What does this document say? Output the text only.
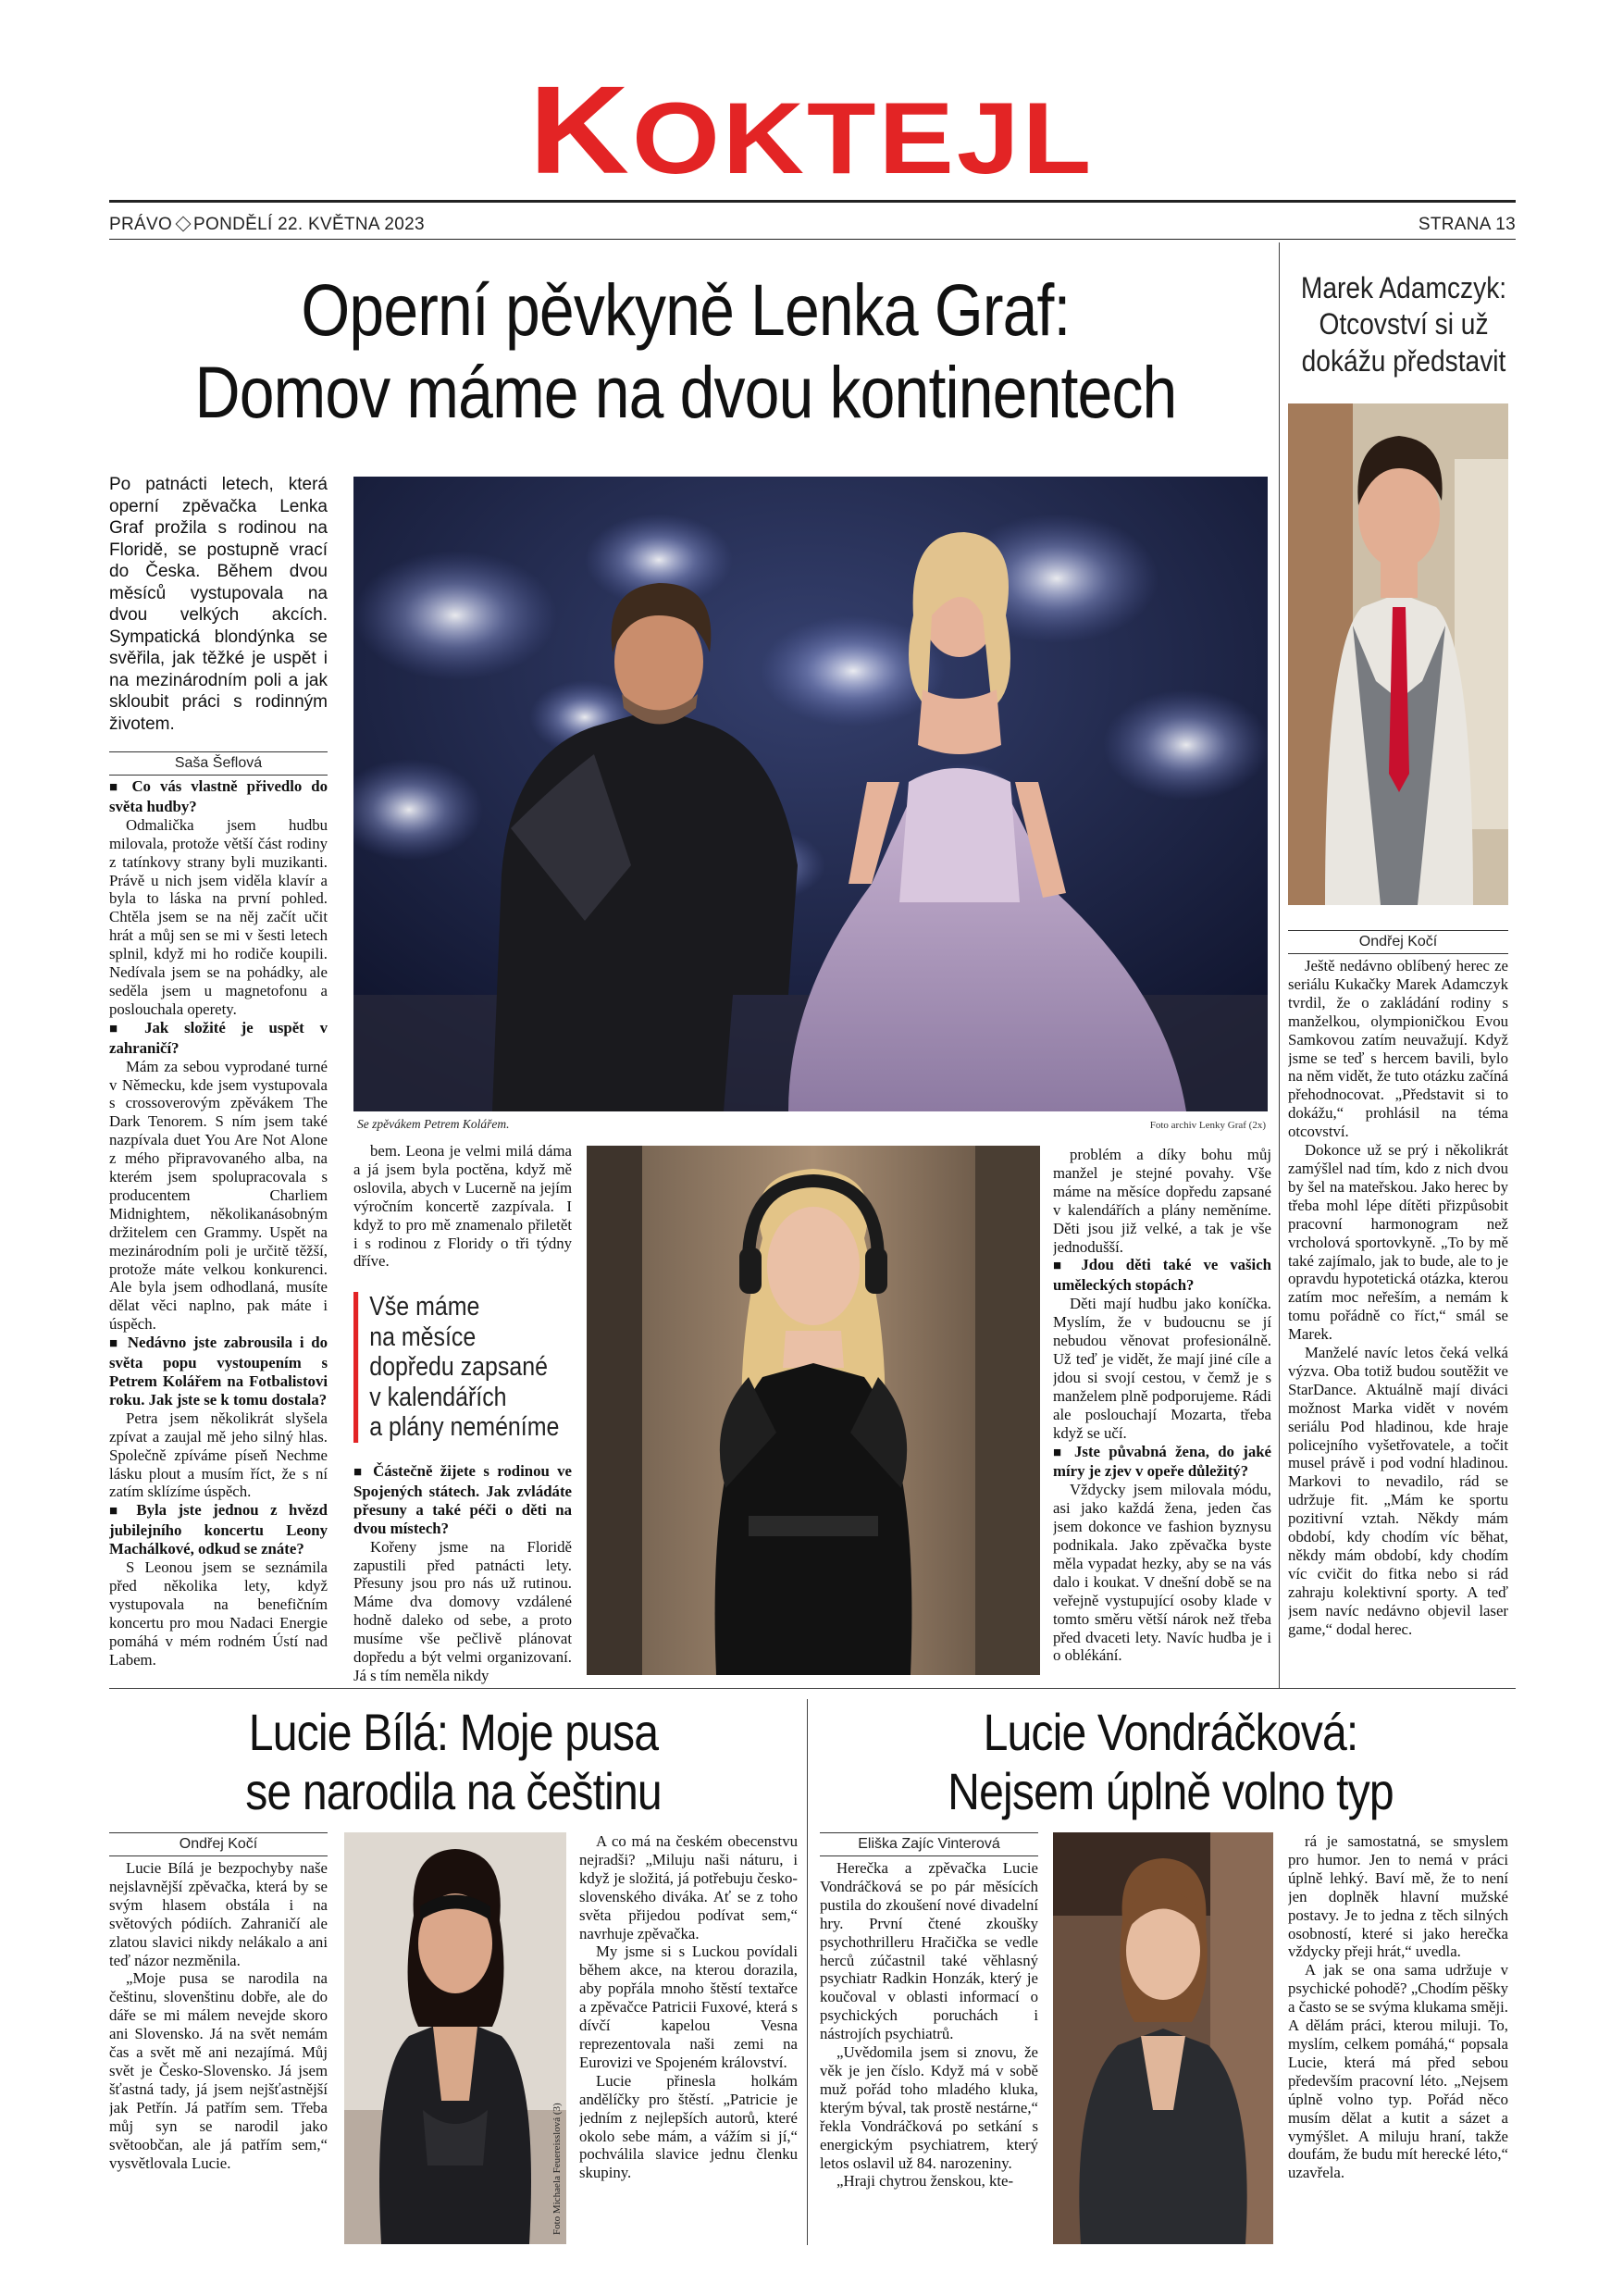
KOKTEJL
PRÁVO PONDĚLÍ 22. KVĚTNA 2023	STRANA 13
Operní pěvkyně Lenka Graf:
Domov máme na dvou kontinentech
Po patnácti letech, která operní zpěvačka Lenka Graf prožila s rodinou na Floridě, se postupně vrací do Česka. Během dvou měsíců vystupovala na dvou velkých akcích. Sympatická blondýnka se svěřila, jak těžké je uspět i na mezinárodním poli a jak skloubit práci s rodinným životem.
Saša Šeflová

■ Co vás vlastně přivedlo do světa hudby?

Odmalička jsem hudbu milovala, protože větší část rodiny z tatínkovy strany byli muzikanti. Právě u nich jsem viděla klavír a byla to láska na první pohled. Chtěla jsem se na něj začít učit hrát a můj sen se mi v šesti letech splnil, když mi ho rodiče koupili. Nedívala jsem se na pohádky, ale seděla jsem u magnetofonu a poslouchala operety.

■ Jak složité je uspět v zahraničí?

Mám za sebou vyprodané turné v Německu, kde jsem vystupovala s crossoverovým zpěvákem The Dark Tenorem. S ním jsem také nazpívala duet You Are Not Alone z mého připravovaného alba, na kterém jsem spolupracovala s producentem Charliem Midnightem, několikanásobným držitelem cen Grammy. Uspět na mezinárodním poli je určitě těžší, protože máte velkou konkurenci. Ale byla jsem odhodlaná, musíte dělat věci naplno, pak máte i úspěch.

■ Nedávno jste zabrousila i do světa popu vystoupením s Petrem Kolářem na Fotbalistovi roku. Jak jste se k tomu dostala?

Petra jsem několikrát slyšela zpívat a zaujal mě jeho silný hlas. Společně zpíváme píseň Nechme lásku plout a musím říct, že s ní zatím sklízíme úspěch.

■ Byla jste jednou z hvězd jubilejního koncertu Leony Machálkové, odkud se znáte?

S Leonou jsem se seznámila před několika lety, když vystupovala na benefičním koncertu pro mou Nadaci Energie pomáhá v mém rodném Ústí nad Labem.

Se zpěvákem Petrem Kolářem.	Foto archiv Lenky Graf (2x)

bem. Leona je velmi milá dáma a já jsem byla poctěna, když mě oslovila, abych v Lucerně na jejím výročním koncertě zazpívala. I když to pro mě znamenalo přiletět i s rodinou z Floridy o tři týdny dříve.

Vše máme
na měsíce
dopředu zapsané
v kalendářích
a plány neméníme

■ Částečně žijete s rodinou ve Spojených státech. Jak zvládáte přesuny a také péči o děti na dvou místech?

Kořeny jsme na Floridě zapustili před patnácti lety. Přesuny jsou pro nás už rutinou. Máme dva domovy vzdálené hodně daleko od sebe, a proto musíme vše pečlivě plánovat dopředu a být velmi organizovaní. Já s tím neměla nikdy

problém a díky bohu můj manžel je stejné povahy. Vše máme na měsíce dopředu zapsané v kalendářích a plány neměníme. Děti jsou již velké, a tak je vše jednodušší.

■ Jdou děti také ve vašich uměleckých stopách?

Děti mají hudbu jako koníčka. Myslím, že v budoucnu se jí nebudou věnovat profesionálně. Už teď je vidět, že mají jiné cíle a jdou si svojí cestou, v čemž je s manželem plně podporujeme. Rádi ale poslouchají Mozarta, třeba když se učí.

■ Jste půvabná žena, do jaké míry je zjev v opeře důležitý?

Vždycky jsem milovala módu, asi jako každá žena, jeden čas jsem dokonce ve fashion byznysu podnikala. Jako zpěvačka byste měla vypadat hezky, aby se na vás dalo i koukat. V dnešní době se na veřejně vystupující osoby klade v tomto směru větší nárok než třeba před dvaceti lety. Navíc hudba je i o oblékání.

Marek Adamczyk:
Otcovství si už
dokážu představit
Ondřej Kočí

Ještě nedávno oblíbený herec ze seriálu Kukačky Marek Adamczyk tvrdil, že o zakládání rodiny s manželkou, olympioničkou Evou Samkovou zatím neuvažují. Když jsme se teď s hercem bavili, bylo na něm vidět, že tuto otázku začíná přehodnocovat. „Představit si to dokážu,“ prohlásil na téma otcovství.

Dokonce už se prý i několikrát zamýšlel nad tím, kdo z nich dvou by šel na mateřskou. Jako herec by třeba mohl lépe dítěti přizpůsobit pracovní harmonogram než vrcholová sportovkyně. „To by mě také zajímalo, jak to bude, ale to je opravdu hypotetická otázka, kterou zatím moc neřeším, a nemám k tomu pořádně co říct,“ smál se Marek.

Manželé navíc letos čeká velká výzva. Oba totiž budou soutěžit ve StarDance. Aktuálně mají diváci možnost Marka vidět v novém seriálu Pod hladinou, kde hraje policejního vyšetřovatele, a točit musel právě i pod vodní hladinou. Markovi to nevadilo, rád se udržuje fit. „Mám ke sportu pozitivní vztah. Někdy mám období, kdy chodím víc běhat, někdy mám období, kdy chodím víc cvičit do fitka nebo si rád zahraju kolektivní sporty. A teď jsem navíc nedávno objevil laser game,“ dodal herec.

Lucie Bílá: Moje pusa
se narodila na češtinu
Ondřej Kočí

Lucie Bílá je bezpochyby naše nejslavnější zpěvačka, která by se svým hlasem obstála i na světových pódiích. Zahraničí ale zlatou slavici nikdy nelákalo a ani teď názor nezměnila.

„Moje pusa se narodila na češtinu, slovenštinu dobře, ale do dáře se mi málem nevejde skoro ani Slovensko. Já na svět nemám čas a svět mě ani nezajímá. Můj svět je Česko-Slovensko. Já jsem šťastná tady, já jsem nejšťastnější jak Petřín. Já patřím sem. Třeba můj syn se narodil jako světoobčan, ale já patřím sem,“ vysvětlovala Lucie.	Foto Michaela Feuereisslová (3)

A co má na českém obecenstvu nejradši? „Miluju naši náturu, i když je složitá, já potřebuju česko-slovenského diváka. Ať se z toho světa přijedou podívat sem,“ navrhuje zpěvačka.

My jsme si s Luckou povídali během akce, na kterou dorazila, aby popřála mnoho štěstí textařce a zpěvačce Patricii Fuxové, která s dívčí kapelou Vesna reprezentovala naši zemi na Eurovizi ve Spojeném království.

Lucie přinesla holkám andělíčky pro štěstí. „Patricie je jedním z nejlepších autorů, které okolo sebe mám, a vážím si jí,“ pochválila slavice jednu členku skupiny.

Lucie Vondráčková:
Nejsem úplně volno typ
Eliška Zajíc Vinterová

Herečka a zpěvačka Lucie Vondráčková se po pár měsících pustila do zkoušení nové divadelní hry. První čtené zkoušky psychothrilleru Hračička se vedle herců zúčastnil také věhlasný psychiatr Radkin Honzák, který je koučoval v oblasti informací o psychických poruchách i nástrojích psychiatrů.

„Uvědomila jsem si znovu, že věk je jen číslo. Když má v sobě muž pořád toho mladého kluka, kterým býval, tak prostě nestárne,“ řekla Vondráčková po setkání s energickým psychiatrem, který letos oslavil už 84. narozeniny.

„Hraji chytrou ženskou, kte-

rá je samostatná, se smyslem pro humor. Jen to nemá v práci úplně lehký. Baví mě, že to není jen doplněk hlavní mužské postavy. Je to jedna z těch silných osobností, které si jako herečka vždycky přeji hrát,“ uvedla.

A jak se ona sama udržuje v psychické pohodě? „Chodím pěšky a často se se svýma klukama směji. A dělám práci, kterou miluji. To, myslím, celkem pomáhá,“ popsala Lucie, která má před sebou především pracovní léto. „Nejsem úplně volno typ. Pořád něco musím dělat a kutit a sázet a vymýšlet. A miluju hraní, takže doufám, že budu mít herecké léto,“ uzavřela.
